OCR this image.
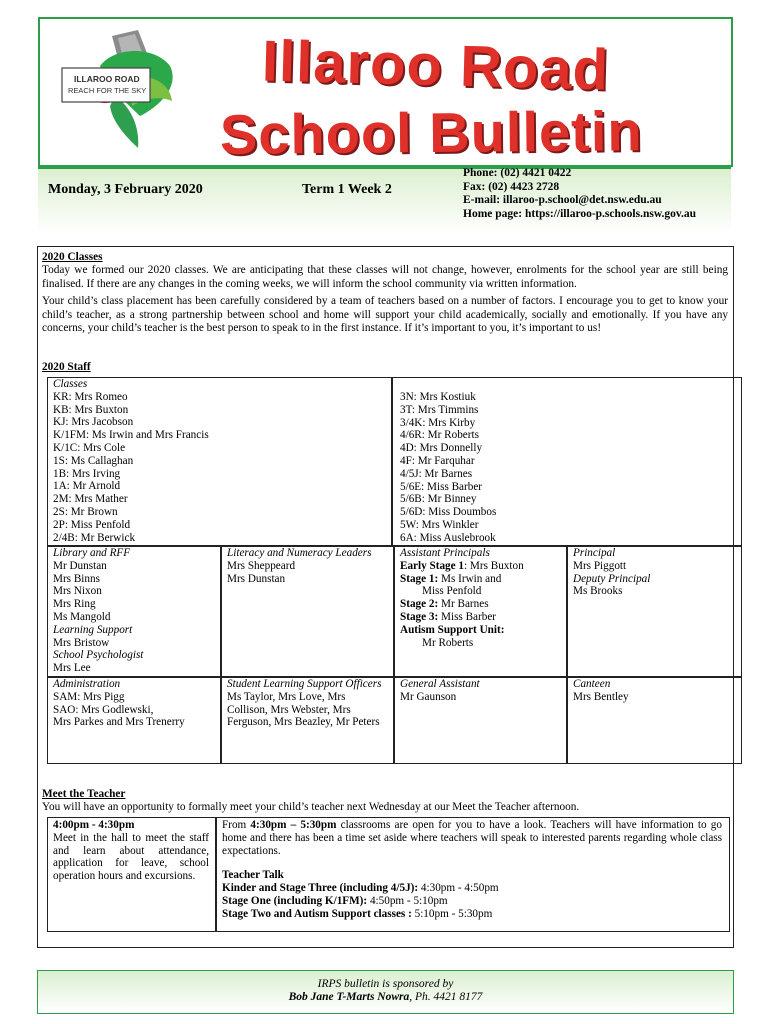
ILLAROO ROAD
REACH FOR THE SKY Illaroo Road
School Bulletin
Monday, 3 February 2020	Term 1 Week 2
Phone: (02) 4421 0422
Fax: (02) 4423 2728
E-mail: illaroo-p.school@det.nsw.edu.au
Home page: https://illaroo-p.schools.nsw.gov.au
2020 Classes
Today we formed our 2020 classes. We are anticipating that these classes will not change, however, enrolments for the school year are still being finalised. If there are any changes in the coming weeks, we will inform the school community via written information.
Your child’s class placement has been carefully considered by a team of teachers based on a number of factors. I encourage you to get to know your child’s teacher, as a strong partnership between school and home will support your child academically, socially and emotionally. If you have any concerns, your child’s teacher is the best person to speak to in the first instance. If it’s important to you, it’s important to us!
2020 Staff
Classes
KR: Mrs Romeo
KB: Mrs Buxton
KJ: Mrs Jacobson
K/1FM: Ms Irwin and Mrs Francis
K/1C: Mrs Cole
1S: Ms Callaghan
1B: Mrs Irving
1A: Mr Arnold
2M: Mrs Mather
2S: Mr Brown
2P: Miss Penfold
2/4B: Mr Berwick
3N: Mrs Kostiuk
3T: Mrs Timmins
3/4K: Mrs Kirby
4/6R: Mr Roberts
4D: Mrs Donnelly
4F: Mr Farquhar
4/5J: Mr Barnes
5/6E: Miss Barber
5/6B: Mr Binney
5/6D: Miss Doumbos
5W: Mrs Winkler
6A: Miss Auslebrook
Library and RFF
Mr Dunstan
Mrs Binns
Mrs Nixon
Mrs Ring
Ms Mangold
Learning Support
Mrs Bristow
School Psychologist
Mrs Lee
Literacy and Numeracy Leaders
Mrs Sheppeard
Mrs Dunstan
Assistant Principals
Early Stage 1: Mrs Buxton
Stage 1: Ms Irwin and
Miss Penfold
Stage 2: Mr Barnes
Stage 3: Miss Barber
Autism Support Unit:
Mr Roberts
Principal
Mrs Piggott
Deputy Principal
Ms Brooks
Administration
SAM: Mrs Pigg
SAO: Mrs Godlewski,
Mrs Parkes and Mrs Trenerry
Student Learning Support Officers
Ms Taylor, Mrs Love, Mrs Collison, Mrs Webster, Mrs Ferguson, Mrs Beazley, Mr Peters
General Assistant
Mr Gaunson
Canteen
Mrs Bentley
Meet the Teacher
You will have an opportunity to formally meet your child’s teacher next Wednesday at our Meet the Teacher afternoon.
4:00pm - 4:30pm
Meet in the hall to meet the staff and learn about attendance, application for leave, school operation hours and excursions.
From 4:30pm – 5:30pm classrooms are open for you to have a look. Teachers will have information to go home and there has been a time set aside where teachers will speak to interested parents regarding whole class expectations.
Teacher Talk
Kinder and Stage Three (including 4/5J): 4:30pm - 4:50pm
Stage One (including K/1FM): 4:50pm - 5:10pm
Stage Two and Autism Support classes : 5:10pm - 5:30pm
IRPS bulletin is sponsored by
Bob Jane T-Marts Nowra, Ph. 4421 8177
